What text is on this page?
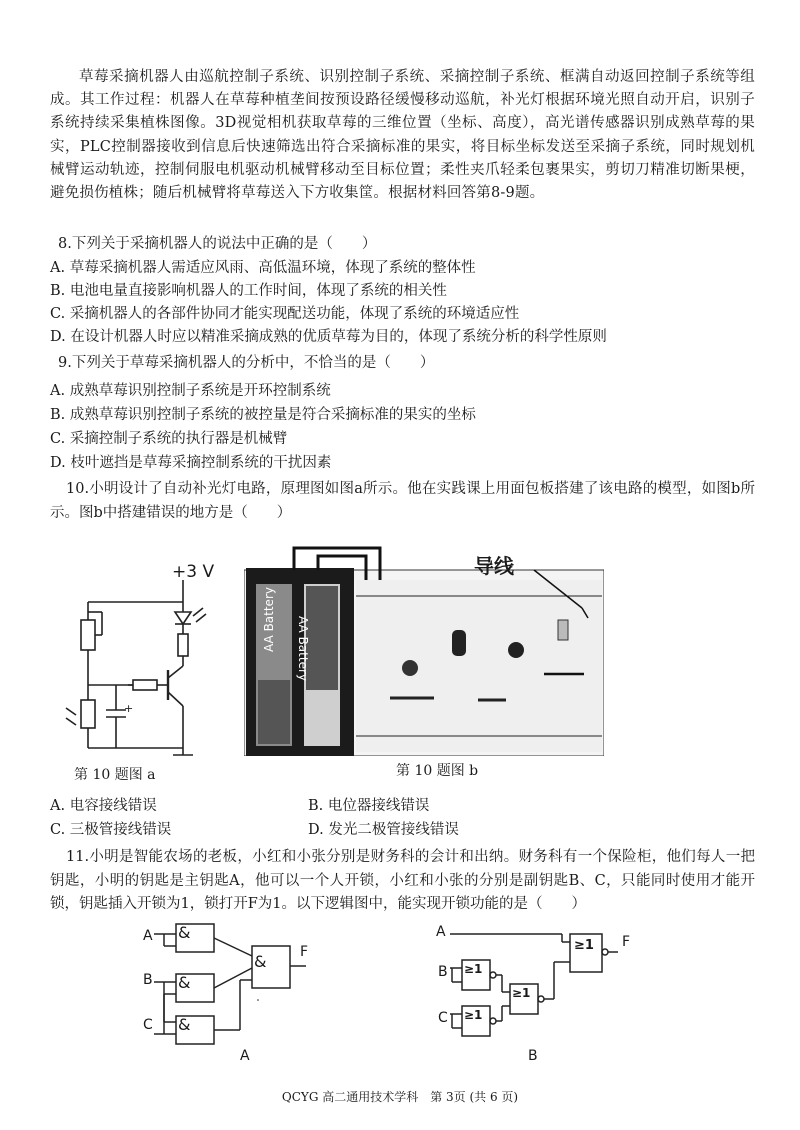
草莓采摘机器人由巡航控制子系统、识别控制子系统、采摘控制子系统、框满自动返回控制子系统等组成。其工作过程：机器人在草莓种植垄间按预设路径缓慢移动巡航，补光灯根据环境光照自动开启，识别子系统持续采集植株图像。3D视觉相机获取草莓的三维位置（坐标、高度），高光谱传感器识别成熟草莓的果实，PLC控制器接收到信息后快速筛选出符合采摘标准的果实，将目标坐标发送至采摘子系统，同时规划机械臂运动轨迹，控制伺服电机驱动机械臂移动至目标位置；柔性夹爪轻柔包裹果实，剪切刀精准切断果梗，避免损伤植株；随后机械臂将草莓送入下方收集筐。根据材料回答第8-9题。
8.下列关于采摘机器人的说法中正确的是（　　）
A. 草莓采摘机器人需适应风雨、高低温环境，体现了系统的整体性
B. 电池电量直接影响机器人的工作时间，体现了系统的相关性
C. 采摘机器人的各部件协同才能实现配送功能，体现了系统的环境适应性
D. 在设计机器人时应以精准采摘成熟的优质草莓为目的，体现了系统分析的科学性原则
9.下列关于草莓采摘机器人的分析中，不恰当的是（　　）
A. 成熟草莓识别控制子系统是开环控制系统
B. 成熟草莓识别控制子系统的被控量是符合采摘标准的果实的坐标
C. 采摘控制子系统的执行器是机械臂
D. 枝叶遮挡是草莓采摘控制系统的干扰因素
10.小明设计了自动补光灯电路，原理图如图a所示。他在实践课上用面包板搭建了该电路的模型，如图b所示。图b中搭建错误的地方是（　　）
+
+3 V
AA Battery AA Battery
导线
第 10 题图 a	第 10 题图 b
A. 电容接线错误	B. 电位器接线错误
C. 三极管接线错误	D. 发光二极管接线错误
11.小明是智能农场的老板，小红和小张分别是财务科的会计和出纳。财务科有一个保险柜，他们每人一把钥匙，小明的钥匙是主钥匙A，他可以一个人开锁，小红和小张的分别是副钥匙B、C，只能同时使用才能开锁，钥匙插入开锁为1，锁打开F为1。以下逻辑图中，能实现开锁功能的是（　　）
&
&
&
&
A
B
C
F
A
≥1
≥1
≥1
≥1
A
B
C
F
B
QCYG 高二通用技术学科　第 3页 (共 6 页)
